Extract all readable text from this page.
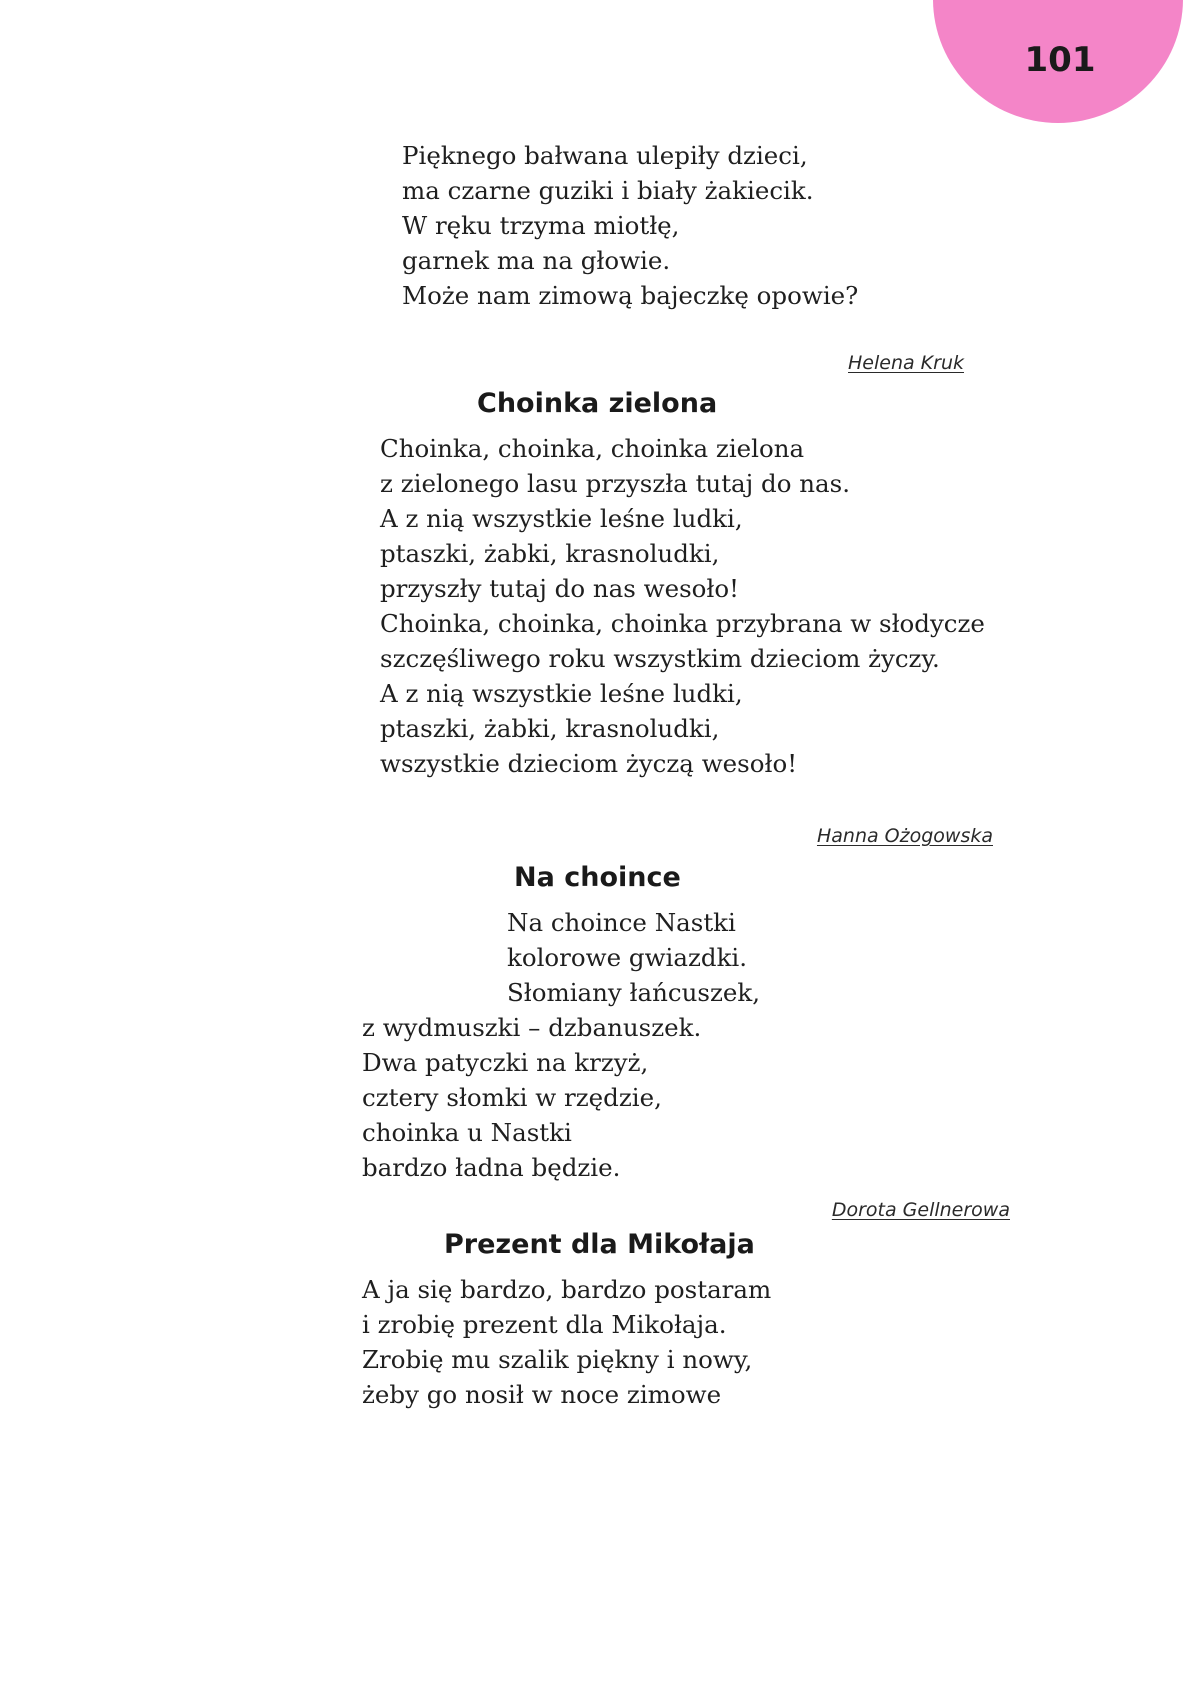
101
Pięknego bałwana ulepiły dzieci,
ma czarne guziki i biały żakiecik.
W ręku trzyma miotłę,
garnek ma na głowie.
Może nam zimową bajeczkę opowie?
Helena Kruk
Choinka zielona
Choinka, choinka, choinka zielona
z zielonego lasu przyszła tutaj do nas.
A z nią wszystkie leśne ludki,
ptaszki, żabki, krasnoludki,
przyszły tutaj do nas wesoło!
Choinka, choinka, choinka przybrana w słodycze
szczęśliwego roku wszystkim dzieciom życzy.
A z nią wszystkie leśne ludki,
ptaszki, żabki, krasnoludki,
wszystkie dzieciom życzą wesoło!
Hanna Ożogowska
Na choince
Na choince Nastki
kolorowe gwiazdki.
Słomiany łańcuszek,
z wydmuszki – dzbanuszek.
Dwa patyczki na krzyż,
cztery słomki w rzędzie,
choinka u Nastki
bardzo ładna będzie.
Dorota Gellnerowa
Prezent dla Mikołaja
A ja się bardzo, bardzo postaram
i zrobię prezent dla Mikołaja.
Zrobię mu szalik piękny i nowy,
żeby go nosił w noce zimowe
